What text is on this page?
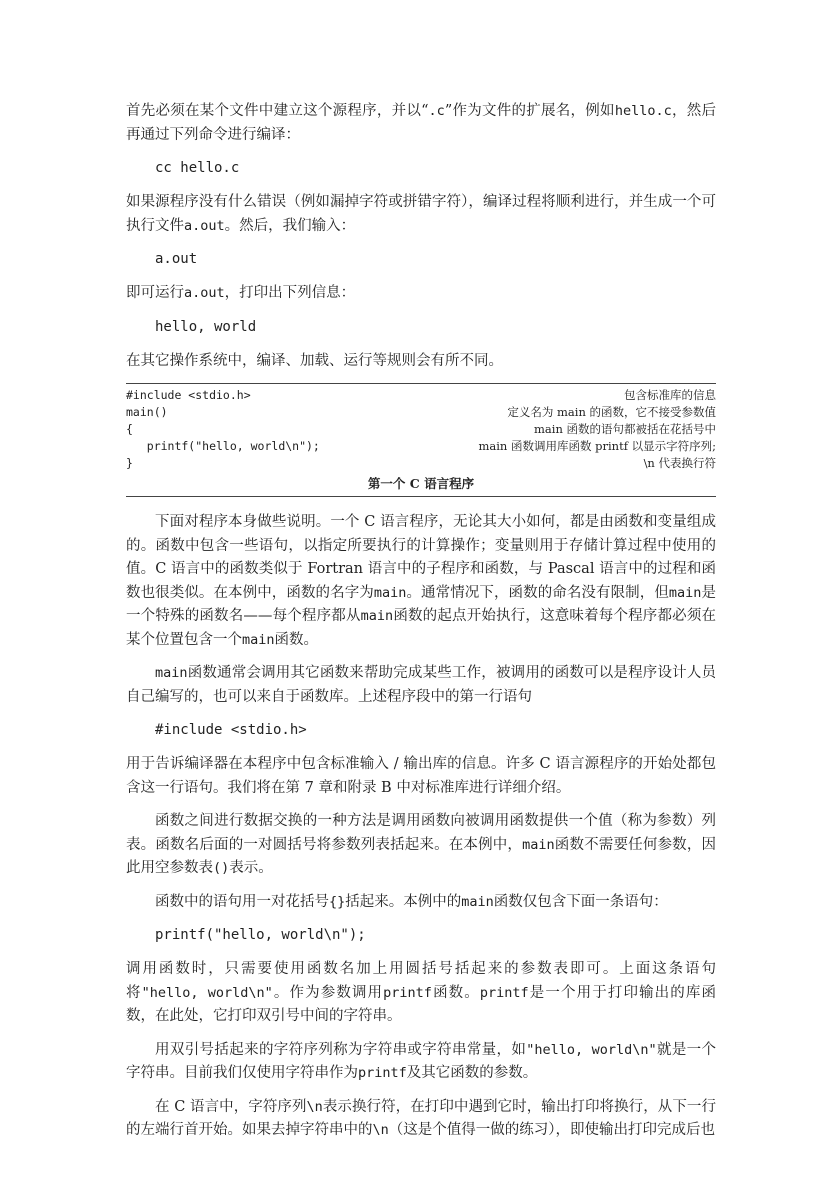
首先必须在某个文件中建立这个源程序，并以“.c”作为文件的扩展名，例如hello.c，然后再通过下列命令进行编译：

cc hello.c

如果源程序没有什么错误（例如漏掉字符或拼错字符），编译过程将顺利进行，并生成一个可执行文件a.out。然后，我们输入：

a.out

即可运行a.out，打印出下列信息：

hello, world

在其它操作系统中，编译、加载、运行等规则会有所不同。

#include <stdio.h>	包含标准库的信息
main()	定义名为 main 的函数，它不接受参数值
{	main 函数的语句都被括在花括号中
printf("hello, world\n");	main 函数调用库函数 printf 以显示字符序列;
}	\n 代表换行符
第一个 C 语言程序

下面对程序本身做些说明。一个 C 语言程序，无论其大小如何，都是由函数和变量组成的。函数中包含一些语句，以指定所要执行的计算操作；变量则用于存储计算过程中使用的值。C 语言中的函数类似于 Fortran 语言中的子程序和函数，与 Pascal 语言中的过程和函数也很类似。在本例中，函数的名字为main。通常情况下，函数的命名没有限制，但main是一个特殊的函数名——每个程序都从main函数的起点开始执行，这意味着每个程序都必须在某个位置包含一个main函数。

main函数通常会调用其它函数来帮助完成某些工作，被调用的函数可以是程序设计人员自己编写的，也可以来自于函数库。上述程序段中的第一行语句

#include <stdio.h>

用于告诉编译器在本程序中包含标准输入 / 输出库的信息。许多 C 语言源程序的开始处都包含这一行语句。我们将在第 7 章和附录 B 中对标准库进行详细介绍。

函数之间进行数据交换的一种方法是调用函数向被调用函数提供一个值（称为参数）列表。函数名后面的一对圆括号将参数列表括起来。在本例中，main函数不需要任何参数，因此用空参数表()表示。

函数中的语句用一对花括号{}括起来。本例中的main函数仅包含下面一条语句：

printf("hello, world\n");

调用函数时，只需要使用函数名加上用圆括号括起来的参数表即可。上面这条语句将"hello, world\n"。作为参数调用printf函数。printf是一个用于打印输出的库函数，在此处，它打印双引号中间的字符串。

用双引号括起来的字符序列称为字符串或字符串常量，如"hello, world\n"就是一个字符串。目前我们仅使用字符串作为printf及其它函数的参数。

在 C 语言中，字符序列\n表示换行符，在打印中遇到它时，输出打印将换行，从下一行的左端行首开始。如果去掉字符串中的\n（这是个值得一做的练习），即使输出打印完成后也
